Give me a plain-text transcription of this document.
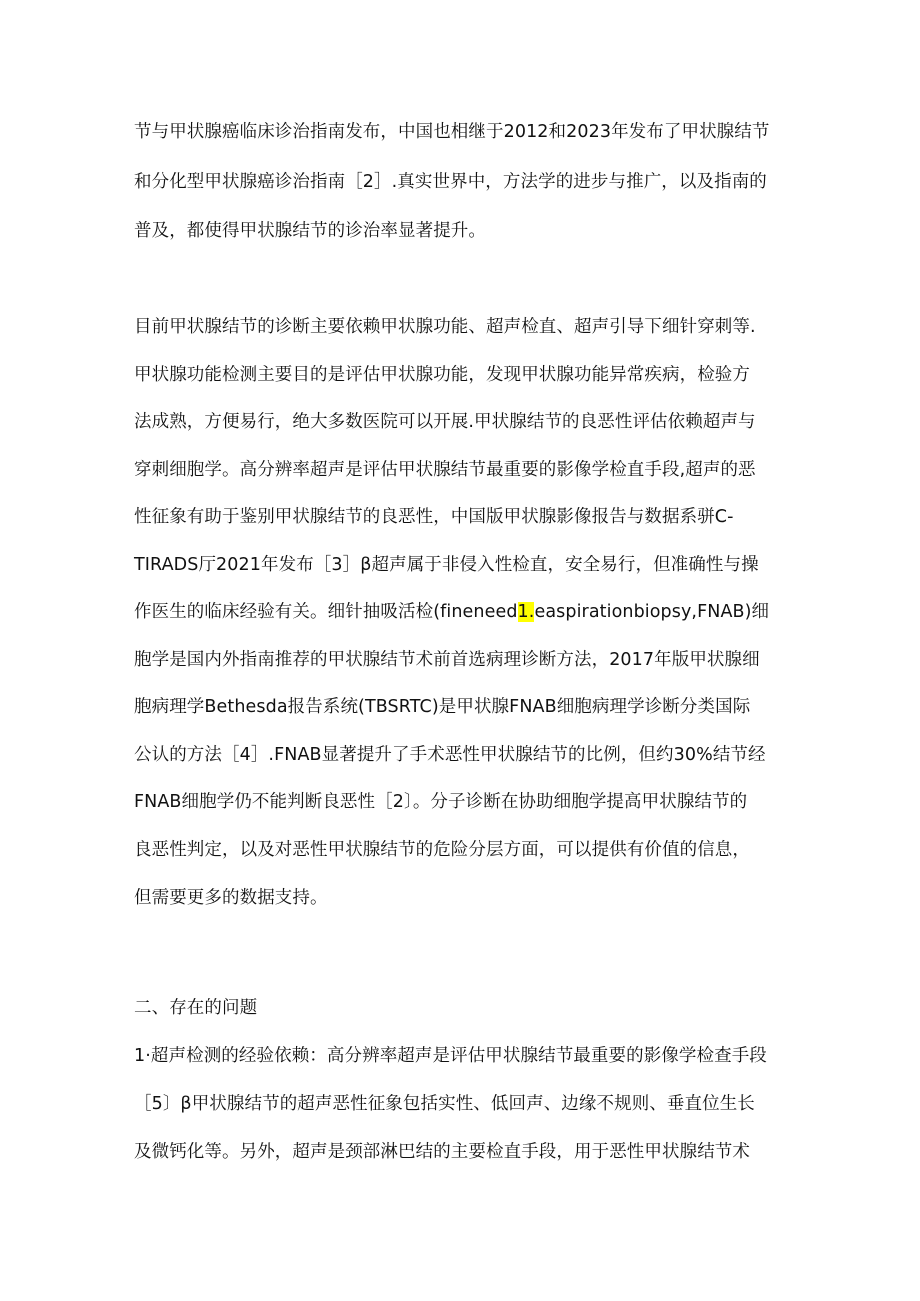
节与甲状腺癌临床诊治指南发布，中国也相继于2012和2023年发布了甲状腺结节
和分化型甲状腺癌诊治指南［2］.真实世界中，方法学的进步与推广，以及指南的
普及，都使得甲状腺结节的诊治率显著提升。
目前甲状腺结节的诊断主要依赖甲状腺功能、超声检直、超声引导下细针穿刺等.
甲状腺功能检测主要目的是评估甲状腺功能，发现甲状腺功能异常疾病，检验方
法成熟，方便易行，绝大多数医院可以开展.甲状腺结节的良恶性评估依赖超声与
穿刺细胞学。高分辨率超声是评估甲状腺结节最重要的影像学检直手段,超声的恶
性征象有助于鉴别甲状腺结节的良恶性，中国版甲状腺影像报告与数据系骈C-
TIRADS厅2021年发布［3］β超声属于非侵入性检直，安全易行，但准确性与操
作医生的临床经验有关。细针抽吸活检(fineneed1.easpirationbiopsy,FNAB)细
胞学是国内外指南推荐的甲状腺结节术前首选病理诊断方法，2017年版甲状腺细
胞病理学Bethesda报告系统(TBSRTC)是甲状腺FNAB细胞病理学诊断分类国际
公认的方法［4］.FNAB显著提升了手术恶性甲状腺结节的比例，但约30%结节经
FNAB细胞学仍不能判断良恶性［2〕。分子诊断在协助细胞学提高甲状腺结节的
良恶性判定，以及对恶性甲状腺结节的危险分层方面，可以提供有价值的信息，
但需要更多的数据支持。
二、存在的问题
1·超声检测的经验依赖：高分辨率超声是评估甲状腺结节最重要的影像学检查手段
［5〕β甲状腺结节的超声恶性征象包括实性、低回声、边缘不规则、垂直位生长
及微钙化等。另外，超声是颈部淋巴结的主要检直手段，用于恶性甲状腺结节术
